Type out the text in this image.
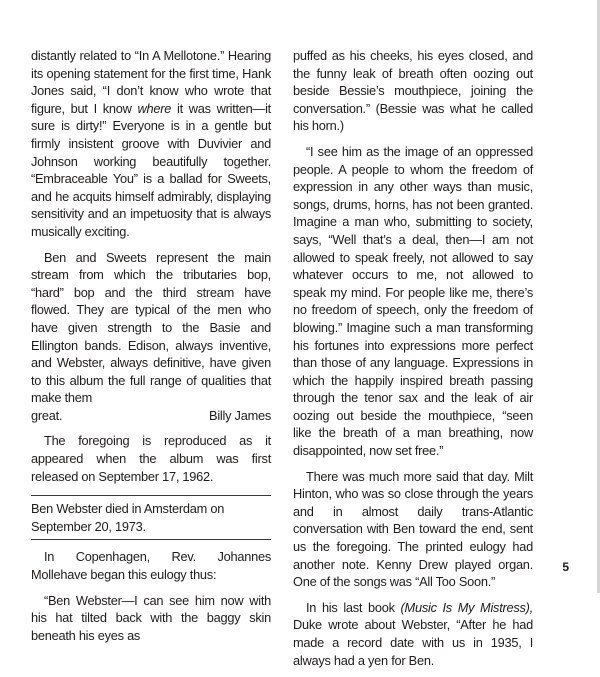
distantly related to “In A Mellotone.” Hearing its opening statement for the first time, Hank Jones said, “I don’t know who wrote that figure, but I know where it was written—it sure is dirty!” Everyone is in a gentle but firmly insistent groove with Duvivier and Johnson working beautifully together. “Embraceable You” is a ballad for Sweets, and he acquits himself admirably, displaying sensitivity and an impetuosity that is always musically exciting.

Ben and Sweets represent the main stream from which the tributaries bop, “hard” bop and the third stream have flowed. They are typical of the men who have given strength to the Basie and Ellington bands. Edison, always inventive, and Webster, always definitive, have given to this album the full range of qualities that make them

great.	Billy James

The foregoing is reproduced as it appeared when the album was first released on September 17, 1962.

Ben Webster died in Amsterdam on September 20, 1973.

In Copenhagen, Rev. Johannes Mollehave began this eulogy thus:

“Ben Webster—I can see him now with his hat tilted back with the baggy skin beneath his eyes as

puffed as his cheeks, his eyes closed, and the funny leak of breath often oozing out beside Bessie’s mouthpiece, joining the conversation.” (Bessie was what he called his horn.)

“I see him as the image of an oppressed people. A people to whom the freedom of expression in any other ways than music, songs, drums, horns, has not been granted. Imagine a man who, submitting to society, says, “Well that’s a deal, then—I am not allowed to speak freely, not allowed to say whatever occurs to me, not allowed to speak my mind. For people like me, there’s no freedom of speech, only the freedom of blowing.” Imagine such a man transforming his fortunes into expressions more perfect than those of any language. Expressions in which the happily inspired breath passing through the tenor sax and the leak of air oozing out beside the mouthpiece, “seen like the breath of a man breathing, now disappointed, now set free.”

There was much more said that day. Milt Hinton, who was so close through the years and in almost daily trans-Atlantic conversation with Ben toward the end, sent us the foregoing. The printed eulogy had another note. Kenny Drew played organ. One of the songs was “All Too Soon.”

In his last book (Music Is My Mistress), Duke wrote about Webster, “After he had made a record date with us in 1935, I always had a yen for Ben.

5
